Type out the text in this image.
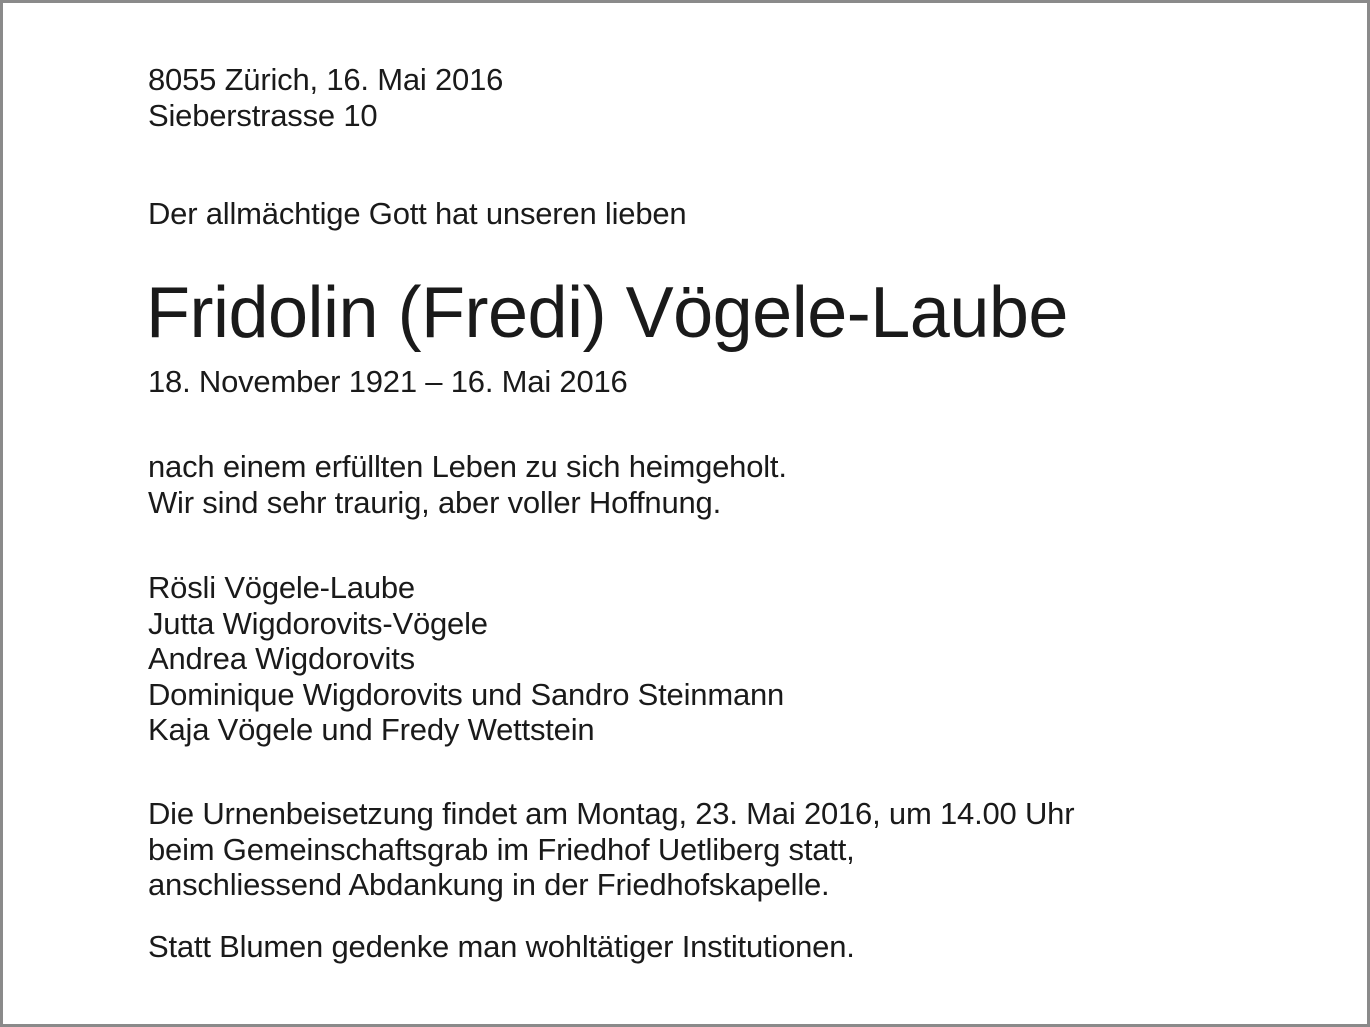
8055 Zürich, 16. Mai 2016
Sieberstrasse 10

Der allmächtige Gott hat unseren lieben

Fridolin (Fredi) Vögele-Laube

18. November 1921 – 16. Mai 2016

nach einem erfüllten Leben zu sich heimgeholt.
Wir sind sehr traurig, aber voller Hoffnung.

Rösli Vögele-Laube
Jutta Wigdorovits-Vögele
Andrea Wigdorovits
Dominique Wigdorovits und Sandro Steinmann
Kaja Vögele und Fredy Wettstein

Die Urnenbeisetzung findet am Montag, 23. Mai 2016, um 14.00 Uhr
beim Gemeinschaftsgrab im Friedhof Uetliberg statt,
anschliessend Abdankung in der Friedhofskapelle.

Statt Blumen gedenke man wohltätiger Institutionen.
